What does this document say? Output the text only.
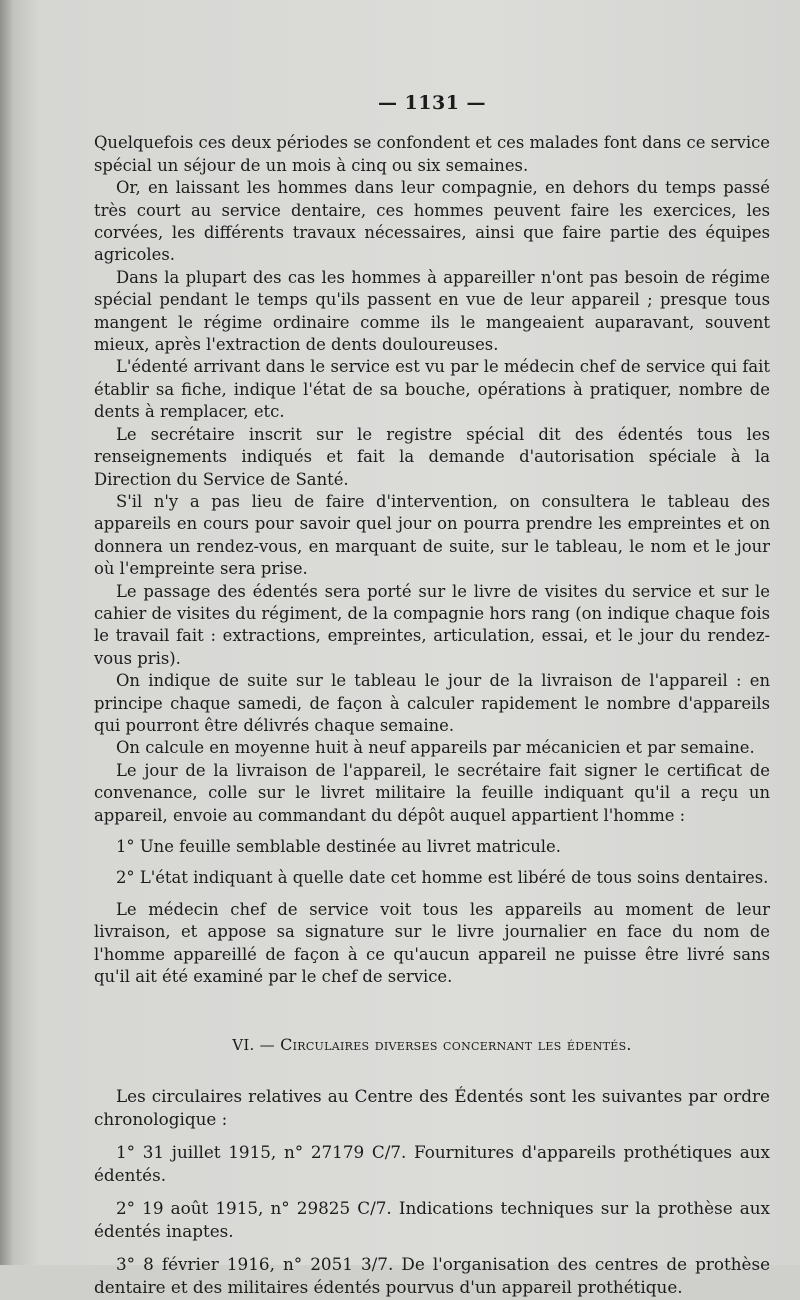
— 1131 —

Quelquefois ces deux périodes se confondent et ces malades font dans ce service spécial un séjour de un mois à cinq ou six semaines.

Or, en laissant les hommes dans leur compagnie, en dehors du temps passé très court au service dentaire, ces hommes peuvent faire les exercices, les corvées, les différents travaux nécessaires, ainsi que faire partie des équipes agricoles.

Dans la plupart des cas les hommes à appareiller n'ont pas besoin de régime spécial pendant le temps qu'ils passent en vue de leur appareil ; presque tous mangent le régime ordinaire comme ils le mangeaient auparavant, souvent mieux, après l'extraction de dents douloureuses.

L'édenté arrivant dans le service est vu par le médecin chef de service qui fait établir sa fiche, indique l'état de sa bouche, opérations à pratiquer, nombre de dents à remplacer, etc.

Le secrétaire inscrit sur le registre spécial dit des édentés tous les renseignements indiqués et fait la demande d'autorisation spéciale à la Direction du Service de Santé.

S'il n'y a pas lieu de faire d'intervention, on consultera le tableau des appareils en cours pour savoir quel jour on pourra prendre les empreintes et on donnera un rendez-vous, en marquant de suite, sur le tableau, le nom et le jour où l'empreinte sera prise.

Le passage des édentés sera porté sur le livre de visites du service et sur le cahier de visites du régiment, de la compagnie hors rang (on indique chaque fois le travail fait : extractions, empreintes, articulation, essai, et le jour du rendez-vous pris).

On indique de suite sur le tableau le jour de la livraison de l'appareil : en principe chaque samedi, de façon à calculer rapidement le nombre d'appareils qui pourront être délivrés chaque semaine.

On calcule en moyenne huit à neuf appareils par mécanicien et par semaine.

Le jour de la livraison de l'appareil, le secrétaire fait signer le certificat de convenance, colle sur le livret militaire la feuille indiquant qu'il a reçu un appareil, envoie au commandant du dépôt auquel appartient l'homme :

1° Une feuille semblable destinée au livret matricule.

2° L'état indiquant à quelle date cet homme est libéré de tous soins dentaires.

Le médecin chef de service voit tous les appareils au moment de leur livraison, et appose sa signature sur le livre journalier en face du nom de l'homme appareillé de façon à ce qu'aucun appareil ne puisse être livré sans qu'il ait été examiné par le chef de service.

VI. — Circulaires diverses concernant les édentés.

Les circulaires relatives au Centre des Édentés sont les suivantes par ordre chronologique :

1° 31 juillet 1915, n° 27179 C/7. Fournitures d'appareils prothétiques aux édentés.

2° 19 août 1915, n° 29825 C/7. Indications techniques sur la prothèse aux édentés inaptes.

3° 8 février 1916, n° 2051 3/7. De l'organisation des centres de prothèse dentaire et des militaires édentés pourvus d'un appareil prothétique.
